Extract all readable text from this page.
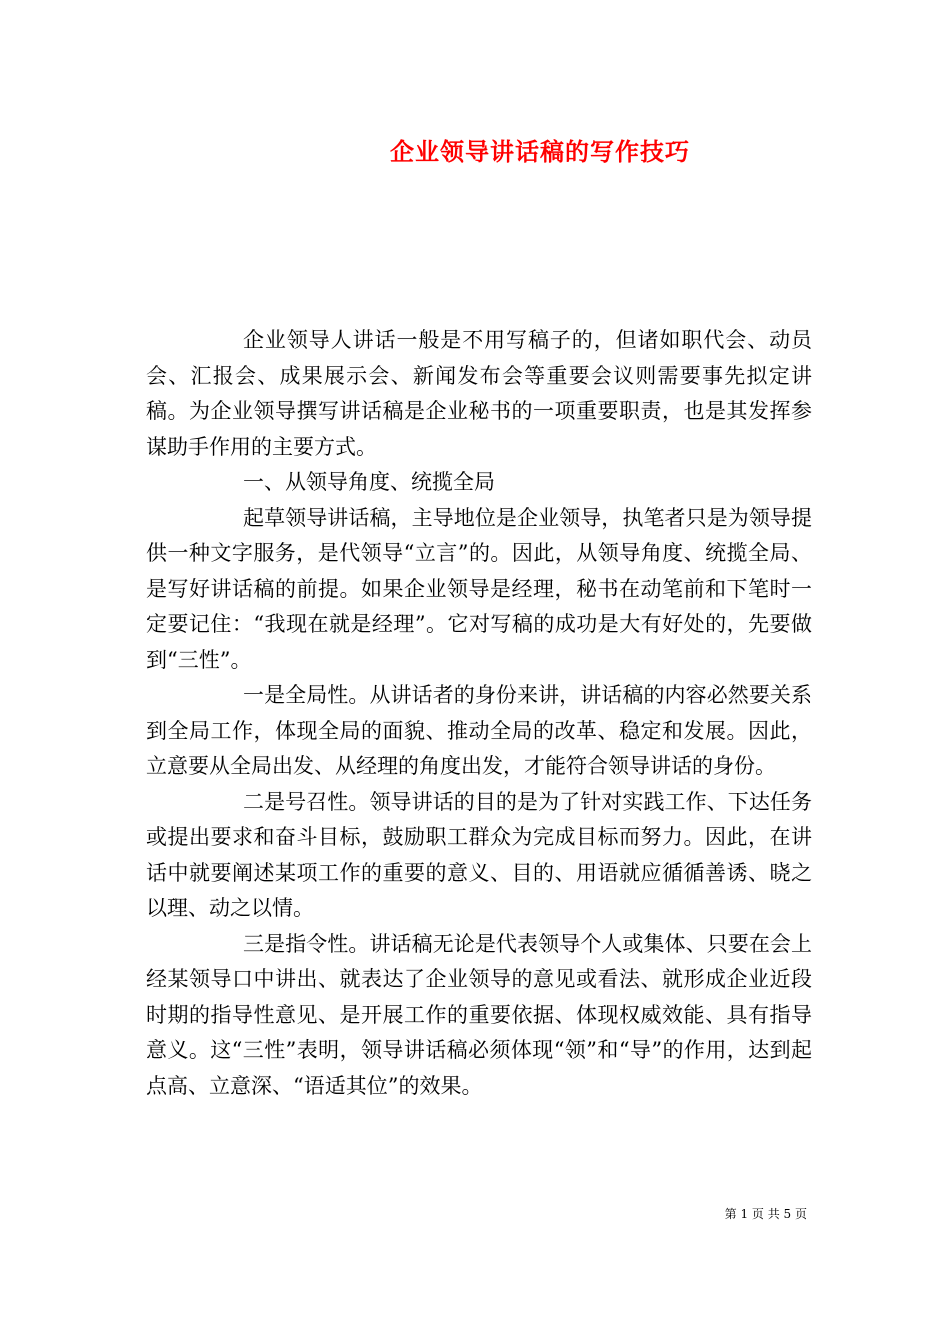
企业领导讲话稿的写作技巧

企业领导人讲话一般是不用写稿子的，但诸如职代会、动员会、汇报会、成果展示会、新闻发布会等重要会议则需要事先拟定讲稿。为企业领导撰写讲话稿是企业秘书的一项重要职责，也是其发挥参谋助手作用的主要方式。

一、从领导角度、统揽全局

起草领导讲话稿，主导地位是企业领导，执笔者只是为领导提供一种文字服务，是代领导“立言”的。因此，从领导角度、统揽全局、是写好讲话稿的前提。如果企业领导是经理，秘书在动笔前和下笔时一定要记住：“我现在就是经理”。它对写稿的成功是大有好处的，先要做到“三性”。

一是全局性。从讲话者的身份来讲，讲话稿的内容必然要关系到全局工作，体现全局的面貌、推动全局的改革、稳定和发展。因此，立意要从全局出发、从经理的角度出发，才能符合领导讲话的身份。

二是号召性。领导讲话的目的是为了针对实践工作、下达任务或提出要求和奋斗目标，鼓励职工群众为完成目标而努力。因此，在讲话中就要阐述某项工作的重要的意义、目的、用语就应循循善诱、晓之以理、动之以情。

三是指令性。讲话稿无论是代表领导个人或集体、只要在会上经某领导口中讲出、就表达了企业领导的意见或看法、就形成企业近段时期的指导性意见、是开展工作的重要依据、体现权威效能、具有指导意义。这“三性”表明，领导讲话稿必须体现“领”和“导”的作用，达到起点高、立意深、“语适其位”的效果。

第 1 页 共 5 页
